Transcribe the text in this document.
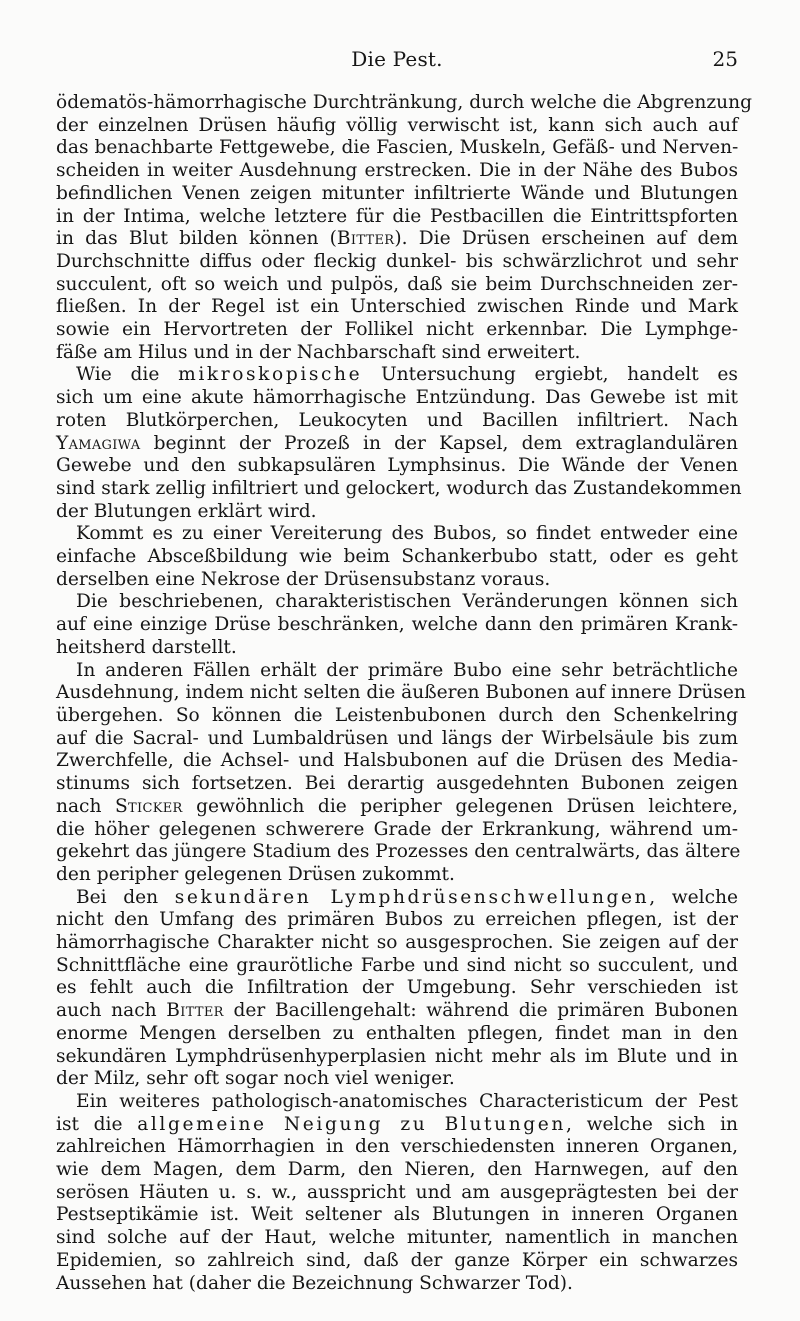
Die Pest.	25

ödematös-hämorrhagische Durchtränkung, durch welche die Abgrenzung
der einzelnen Drüsen häufig völlig verwischt ist, kann sich auch auf
das benachbarte Fettgewebe, die Fascien, Muskeln, Gefäß- und Nerven-
scheiden in weiter Ausdehnung erstrecken. Die in der Nähe des Bubos
befindlichen Venen zeigen mitunter infiltrierte Wände und Blutungen
in der Intima, welche letztere für die Pestbacillen die Eintrittspforten
in das Blut bilden können (Bitter). Die Drüsen erscheinen auf dem
Durchschnitte diffus oder fleckig dunkel- bis schwärzlichrot und sehr
succulent, oft so weich und pulpös, daß sie beim Durchschneiden zer-
fließen. In der Regel ist ein Unterschied zwischen Rinde und Mark
sowie ein Hervortreten der Follikel nicht erkennbar. Die Lymphge-
fäße am Hilus und in der Nachbarschaft sind erweitert.

Wie die mikroskopische Untersuchung ergiebt, handelt es
sich um eine akute hämorrhagische Entzündung. Das Gewebe ist mit
roten Blutkörperchen, Leukocyten und Bacillen infiltriert. Nach
Yamagiwa beginnt der Prozeß in der Kapsel, dem extraglandulären
Gewebe und den subkapsulären Lymphsinus. Die Wände der Venen
sind stark zellig infiltriert und gelockert, wodurch das Zustandekommen
der Blutungen erklärt wird.

Kommt es zu einer Vereiterung des Bubos, so findet entweder eine
einfache Absceßbildung wie beim Schankerbubo statt, oder es geht
derselben eine Nekrose der Drüsensubstanz voraus.

Die beschriebenen, charakteristischen Veränderungen können sich
auf eine einzige Drüse beschränken, welche dann den primären Krank-
heitsherd darstellt.

In anderen Fällen erhält der primäre Bubo eine sehr beträchtliche
Ausdehnung, indem nicht selten die äußeren Bubonen auf innere Drüsen
übergehen. So können die Leistenbubonen durch den Schenkelring
auf die Sacral- und Lumbaldrüsen und längs der Wirbelsäule bis zum
Zwerchfelle, die Achsel- und Halsbubonen auf die Drüsen des Media-
stinums sich fortsetzen. Bei derartig ausgedehnten Bubonen zeigen
nach Sticker gewöhnlich die peripher gelegenen Drüsen leichtere,
die höher gelegenen schwerere Grade der Erkrankung, während um-
gekehrt das jüngere Stadium des Prozesses den centralwärts, das ältere
den peripher gelegenen Drüsen zukommt.

Bei den sekundären Lymphdrüsenschwellungen, welche
nicht den Umfang des primären Bubos zu erreichen pflegen, ist der
hämorrhagische Charakter nicht so ausgesprochen. Sie zeigen auf der
Schnittfläche eine graurötliche Farbe und sind nicht so succulent, und
es fehlt auch die Infiltration der Umgebung. Sehr verschieden ist
auch nach Bitter der Bacillengehalt: während die primären Bubonen
enorme Mengen derselben zu enthalten pflegen, findet man in den
sekundären Lymphdrüsenhyperplasien nicht mehr als im Blute und in
der Milz, sehr oft sogar noch viel weniger.

Ein weiteres pathologisch-anatomisches Characteristicum der Pest
ist die allgemeine Neigung zu Blutungen, welche sich in
zahlreichen Hämorrhagien in den verschiedensten inneren Organen,
wie dem Magen, dem Darm, den Nieren, den Harnwegen, auf den
serösen Häuten u. s. w., ausspricht und am ausgeprägtesten bei der
Pestseptikämie ist. Weit seltener als Blutungen in inneren Organen
sind solche auf der Haut, welche mitunter, namentlich in manchen
Epidemien, so zahlreich sind, daß der ganze Körper ein schwarzes
Aussehen hat (daher die Bezeichnung Schwarzer Tod).
